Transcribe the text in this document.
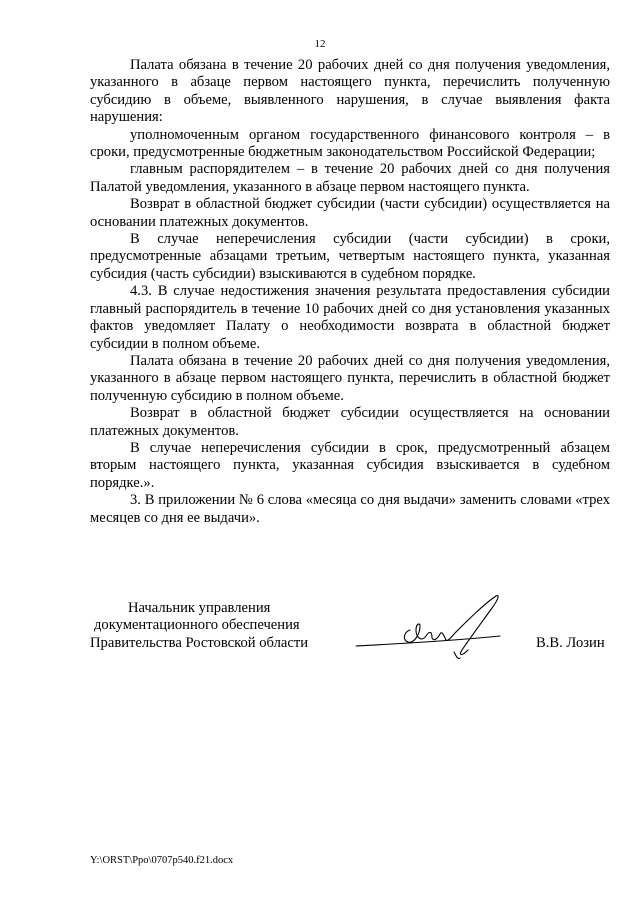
12

Палата обязана в течение 20 рабочих дней со дня получения уведомления, указанного в абзаце первом настоящего пункта, перечислить полученную субсидию в объеме, выявленного нарушения, в случае выявления факта нарушения:

уполномоченным органом государственного финансового контроля – в сроки, предусмотренные бюджетным законодательством Российской Федерации;

главным распорядителем – в течение 20 рабочих дней со дня получения Палатой уведомления, указанного в абзаце первом настоящего пункта.

Возврат в областной бюджет субсидии (части субсидии) осуществляется на основании платежных документов.

В случае неперечисления субсидии (части субсидии) в сроки, предусмотренные абзацами третьим, четвертым настоящего пункта, указанная субсидия (часть субсидии) взыскиваются в судебном порядке.

4.3. В случае недостижения значения результата предоставления субсидии главный распорядитель в течение 10 рабочих дней со дня установления указанных фактов уведомляет Палату о необходимости возврата в областной бюджет субсидии в полном объеме.

Палата обязана в течение 20 рабочих дней со дня получения уведомления, указанного в абзаце первом настоящего пункта, перечислить в областной бюджет полученную субсидию в полном объеме.

Возврат в областной бюджет субсидии осуществляется на основании платежных документов.

В случае неперечисления субсидии в срок, предусмотренный абзацем вторым настоящего пункта, указанная субсидия взыскивается в судебном порядке.».

3. В приложении № 6 слова «месяца со дня выдачи» заменить словами «трех месяцев со дня ее выдачи».

Начальник управления
документационного обеспечения
Правительства Ростовской области	В.В. Лозин
Y:\ORST\Ppo\0707p540.f21.docx
